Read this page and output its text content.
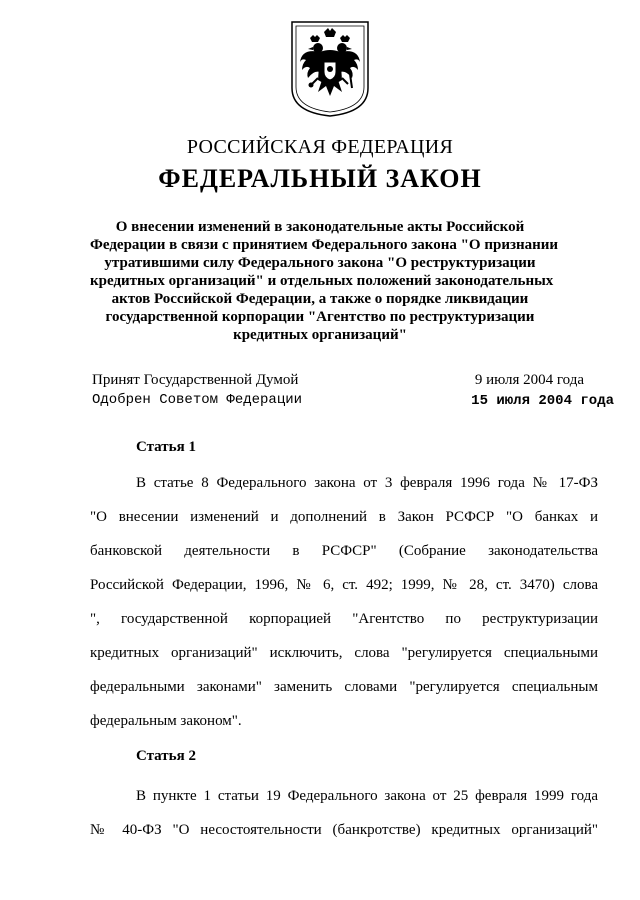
РОССИЙСКАЯ ФЕДЕРАЦИЯ
ФЕДЕРАЛЬНЫЙ ЗАКОН
О внесении изменений в законодательные акты Российской
Федерации в связи с принятием Федерального закона "О признании
утратившими силу Федерального закона "О реструктуризации
кредитных организаций" и отдельных положений законодательных
актов Российской Федерации, а также о порядке ликвидации
государственной корпорации "Агентство по реструктуризации
кредитных организаций"
Принят Государственной Думой	9 июля 2004 года
Одобрен Советом Федерации	15 июля 2004 года
Статья 1
В статье 8 Федерального закона от 3 февраля 1996 года № 17-ФЗ
"О внесении изменений и дополнений в Закон РСФСР "О банках и
банковской деятельности в РСФСР" (Собрание законодательства
Российской Федерации, 1996, № 6, ст. 492; 1999, № 28, ст. 3470) слова
", государственной корпорацией "Агентство по реструктуризации
кредитных организаций" исключить, слова "регулируется специальными
федеральными законами" заменить словами "регулируется специальным
федеральным законом".
Статья 2
В пункте 1 статьи 19 Федерального закона от 25 февраля 1999 года
№ 40-ФЗ "О несостоятельности (банкротстве) кредитных организаций"
